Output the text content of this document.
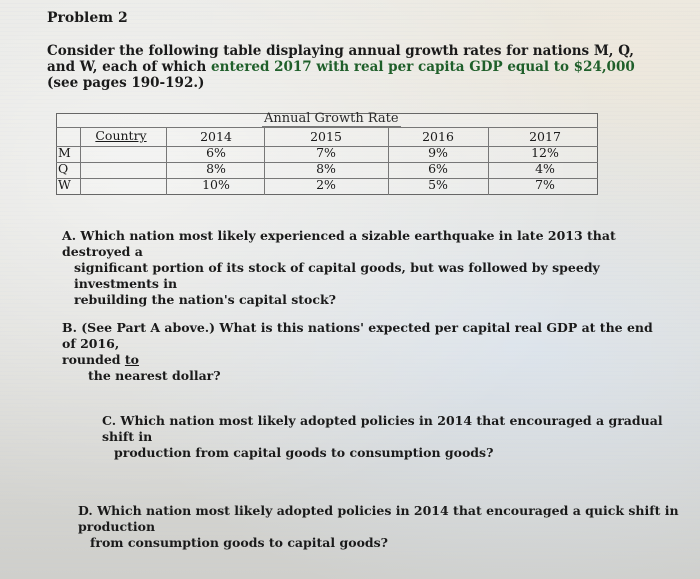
Problem 2
Consider the following table displaying annual growth rates for nations M, Q, and W, each of which entered 2017 with real per capita GDP equal to $24,000 (see pages 190-192.)
Annual Growth Rate
Country
M
Q
W
2014
6%
8%
10%
2015
7%
8%
2%
2016
9%
6%
5%
2017
12%
4%
7%
A. Which nation most likely experienced a sizable earthquake in late 2013 that destroyed a
significant portion of its stock of capital goods, but was followed by speedy investments in
rebuilding the nation's capital stock?
B. (See Part A above.) What is this nations' expected per capital real GDP at the end of 2016,
rounded to
the nearest dollar?
C. Which nation most likely adopted policies in 2014 that encouraged a gradual shift in
production from capital goods to consumption goods?
D. Which nation most likely adopted policies in 2014 that encouraged a quick shift in production
from consumption goods to capital goods?
